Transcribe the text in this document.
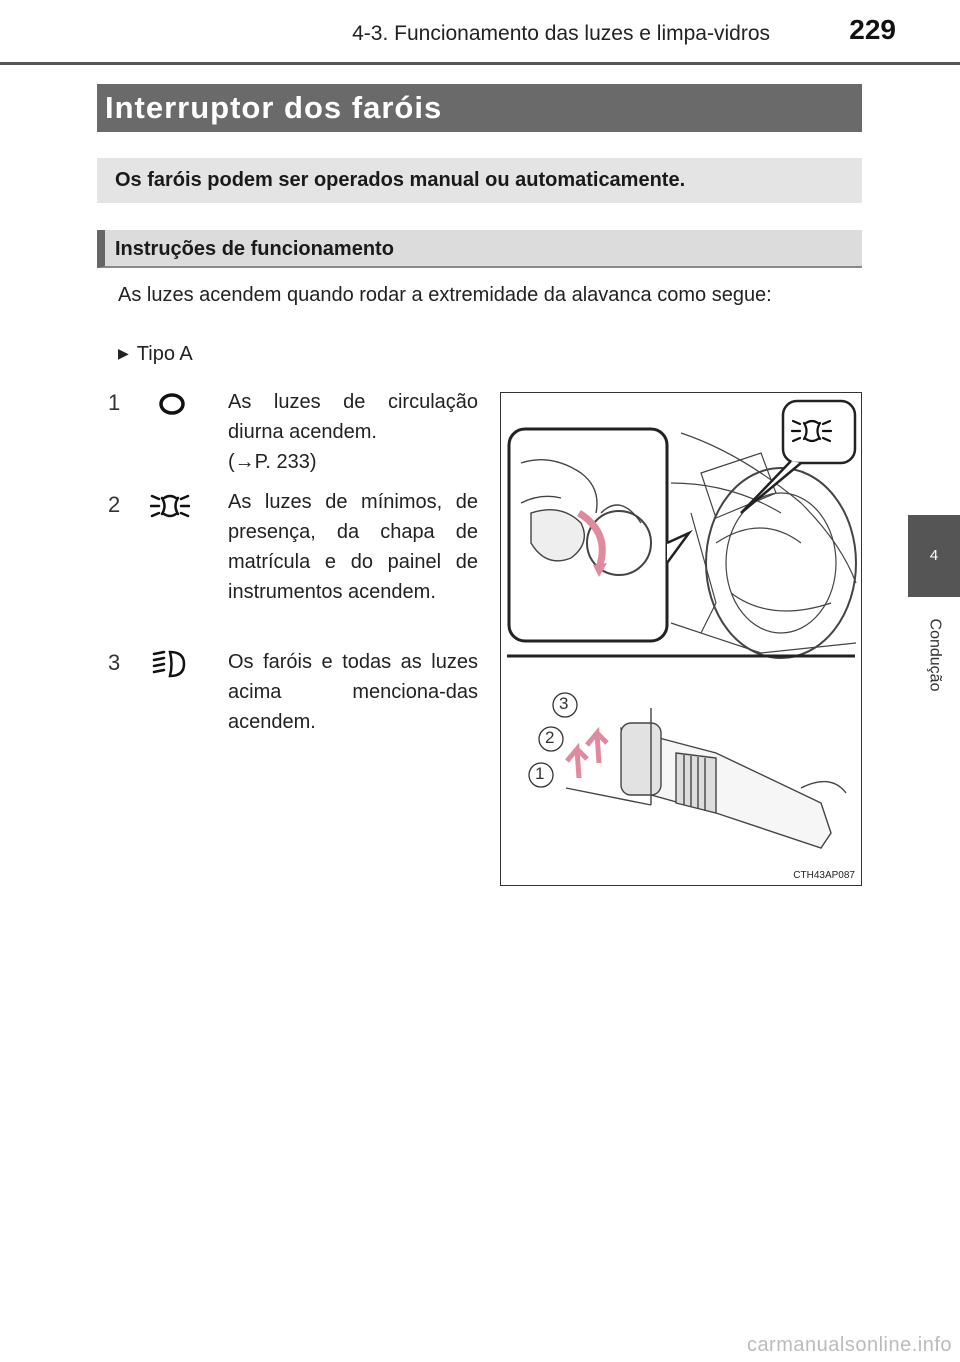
4-3. Funcionamento das luzes e limpa-vidros	229
4
Condução
Interruptor dos faróis
Os faróis podem ser operados manual ou automaticamente.
Instruções de funcionamento
As luzes acendem quando rodar a extremidade da alavanca como segue:
▶ Tipo A
1	As luzes de circulação diurna acendem.
(→P. 233)
2	As luzes de mínimos, de presença, da chapa de matrícula e do painel de instrumentos acendem.
3	Os faróis e todas as luzes acima menciona-das acendem.
3
2
1
CTH43AP087
carmanualsonline.info
